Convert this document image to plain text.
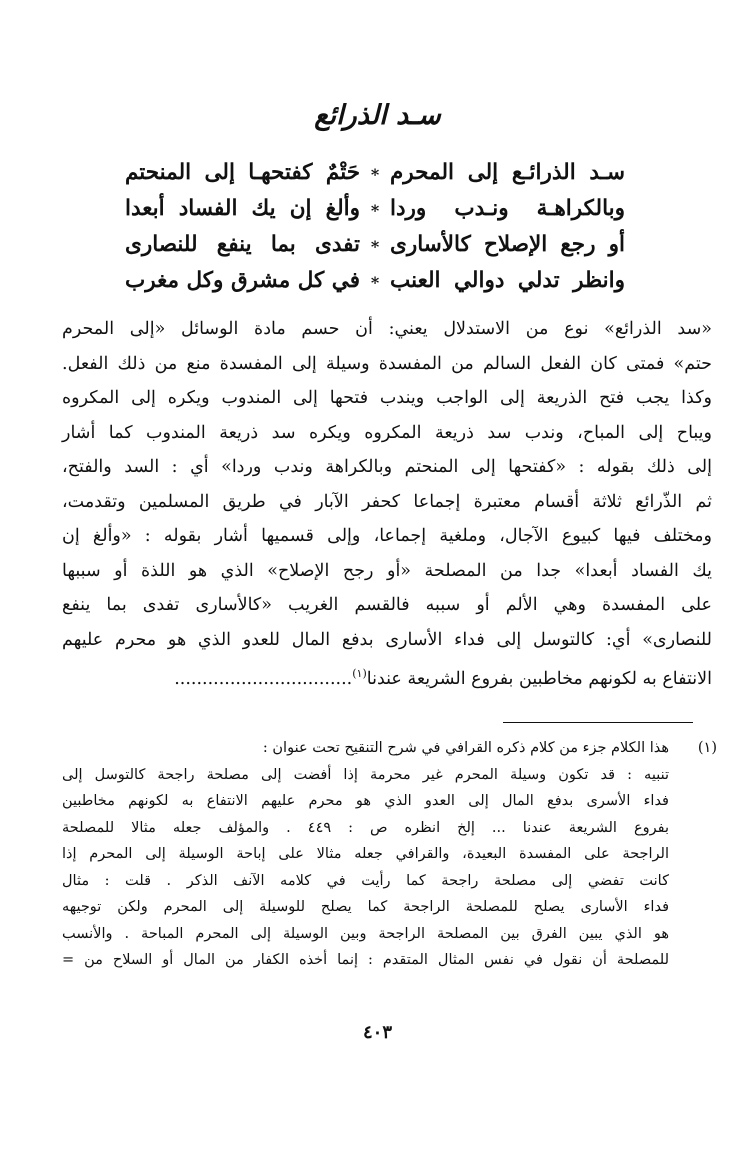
سـد الذرائع
سـد الذرائـع إلى المحرم
*
حَتْمٌ كفتحهـا إلى المنحتم
وبالكراهـة ونـدب وردا
*
وألغ إن يك الفساد أبعدا
أو رجع الإصلاح كالأسارى
*
تفدى بما ينفع للنصارى
وانظر تدلي دوالي العنب
*
في كل مشرق وكل مغرب
«سد الذرائع» نوع من الاستدلال يعني: أن حسم مادة الوسائل «إلى المحرم
حتم» فمتى كان الفعل السالم من المفسدة وسيلة إلى المفسدة منع من ذلك الفعل.
وكذا يجب فتح الذريعة إلى الواجب ويندب فتحها إلى المندوب ويكره إلى المكروه
ويباح إلى المباح، وندب سد ذريعة المكروه ويكره سد ذريعة المندوب كما أشار
إلى ذلك بقوله : «كفتحها إلى المنحتم وبالكراهة وندب وردا» أي : السد والفتح،
ثم الذّرائع ثلاثة أقسام معتبرة إجماعا كحفر الآبار في طريق المسلمين وتقدمت،
ومختلف فيها كبيوع الآجال، وملغية إجماعا، وإلى قسميها أشار بقوله : «وألغ إن
يك الفساد أبعدا» جدا من المصلحة «أو رجح الإصلاح» الذي هو اللذة أو سببها
على المفسدة وهي الألم أو سببه فالقسم الغريب «كالأسارى تفدى بما ينفع
للنصارى» أي: كالتوسل إلى فداء الأسارى بدفع المال للعدو الذي هو محرم عليهم
الانتفاع به لكونهم مخاطبين بفروع الشريعة عندنا$^{(١)}$................................
(١)
هذا الكلام جزء من كلام ذكره القرافي في شرح التنقيح تحت عنوان :
تنبيه : قد تكون وسيلة المحرم غير محرمة إذا أفضت إلى مصلحة راجحة كالتوسل إلى
فداء الأسرى بدفع المال إلى العدو الذي هو محرم عليهم الانتفاع به لكونهم مخاطبين
بفروع الشريعة عندنا ... إلخ انظره ص : ٤٤٩ . والمؤلف جعله مثالا للمصلحة
الراجحة على المفسدة البعيدة، والقرافي جعله مثالا على إباحة الوسيلة إلى المحرم إذا
كانت تفضي إلى مصلحة راجحة كما رأيت في كلامه الآنف الذكر . قلت : مثال
فداء الأسارى يصلح للمصلحة الراجحة كما يصلح للوسيلة إلى المحرم ولكن توجيهه
هو الذي يبين الفرق بين المصلحة الراجحة وبين الوسيلة إلى المحرم المباحة . والأنسب
للمصلحة أن نقول في نفس المثال المتقدم : إنما أخذه الكفار من المال أو السلاح من =
٤٠٣
